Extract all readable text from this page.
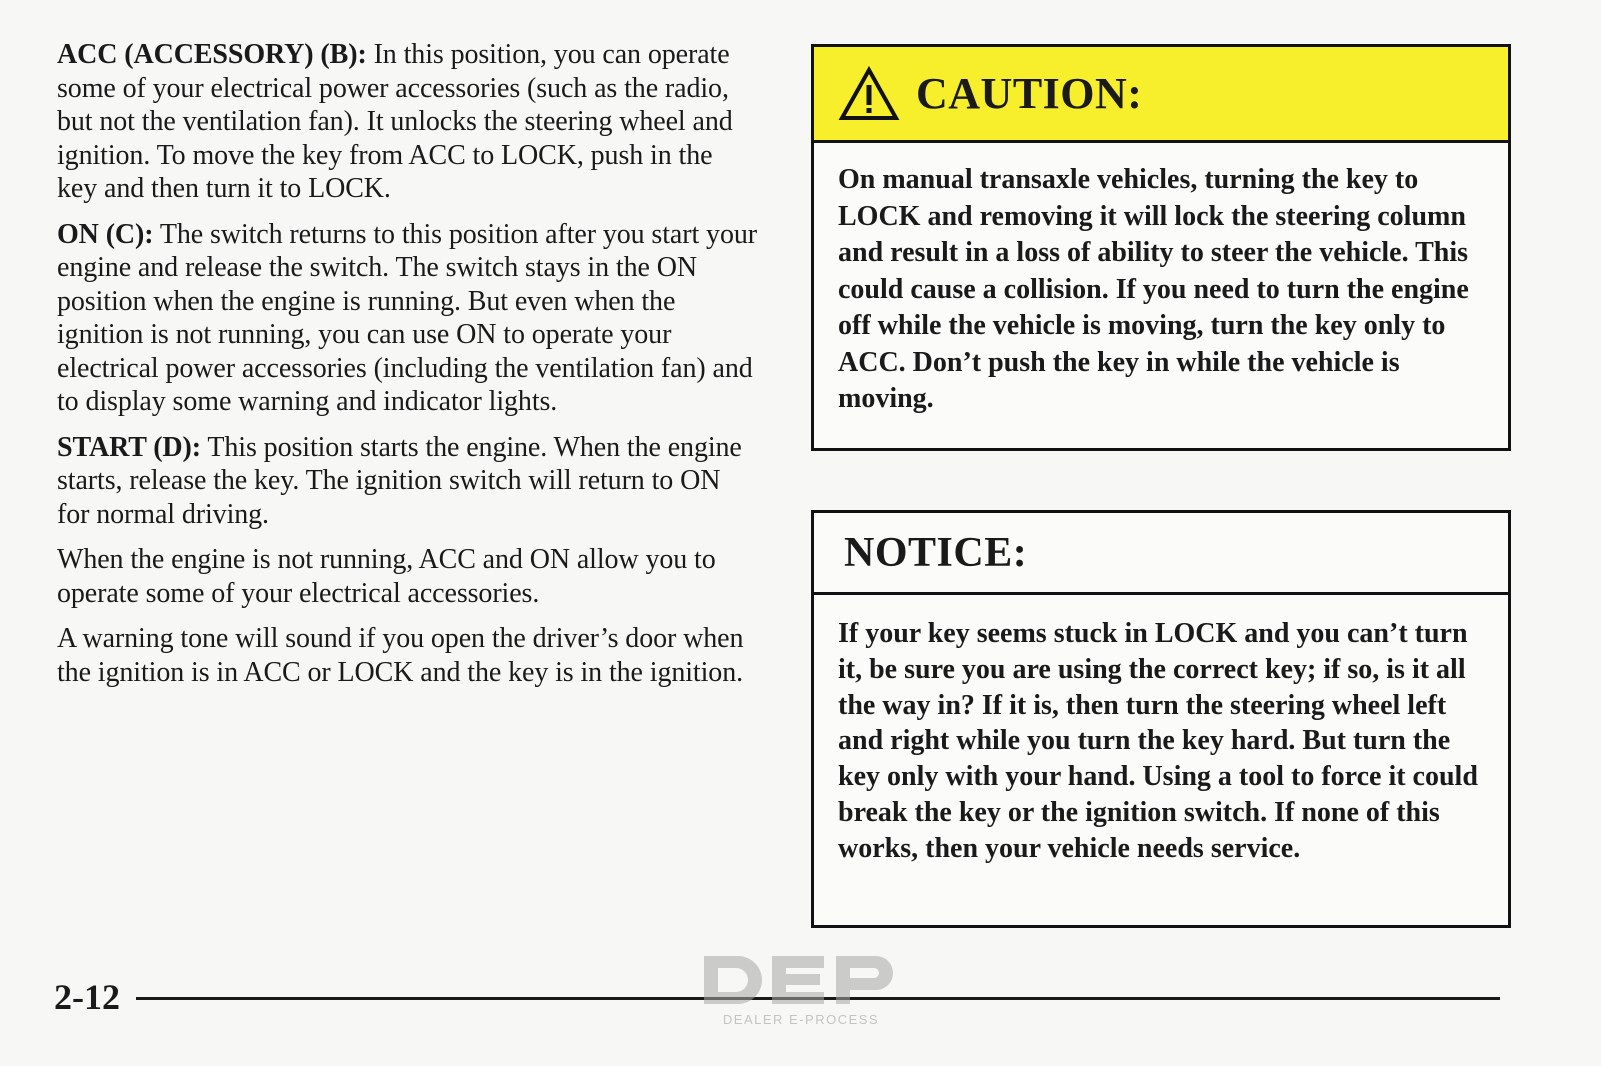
ACC (ACCESSORY) (B): In this position, you can operate some of your electrical power accessories (such as the radio, but not the ventilation fan). It unlocks the steering wheel and ignition. To move the key from ACC to LOCK, push in the key and then turn it to LOCK.

ON (C): The switch returns to this position after you start your engine and release the switch. The switch stays in the ON position when the engine is running. But even when the ignition is not running, you can use ON to operate your electrical power accessories (including the ventilation fan) and to display some warning and indicator lights.

START (D): This position starts the engine. When the engine starts, release the key. The ignition switch will return to ON for normal driving.

When the engine is not running, ACC and ON allow you to operate some of your electrical accessories.

A warning tone will sound if you open the driver’s door when the ignition is in ACC or LOCK and the key is in the ignition.

CAUTION:
On manual transaxle vehicles, turning the key to LOCK and removing it will lock the steering column and result in a loss of ability to steer the vehicle. This could cause a collision. If you need to turn the engine off while the vehicle is moving, turn the key only to ACC. Don’t push the key in while the vehicle is moving.
NOTICE:
If your key seems stuck in LOCK and you can’t turn it, be sure you are using the correct key; if so, is it all the way in? If it is, then turn the steering wheel left and right while you turn the key hard. But turn the key only with your hand. Using a tool to force it could break the key or the ignition switch. If none of this works, then your vehicle needs service.
2-12
DEALER E-PROCESS
